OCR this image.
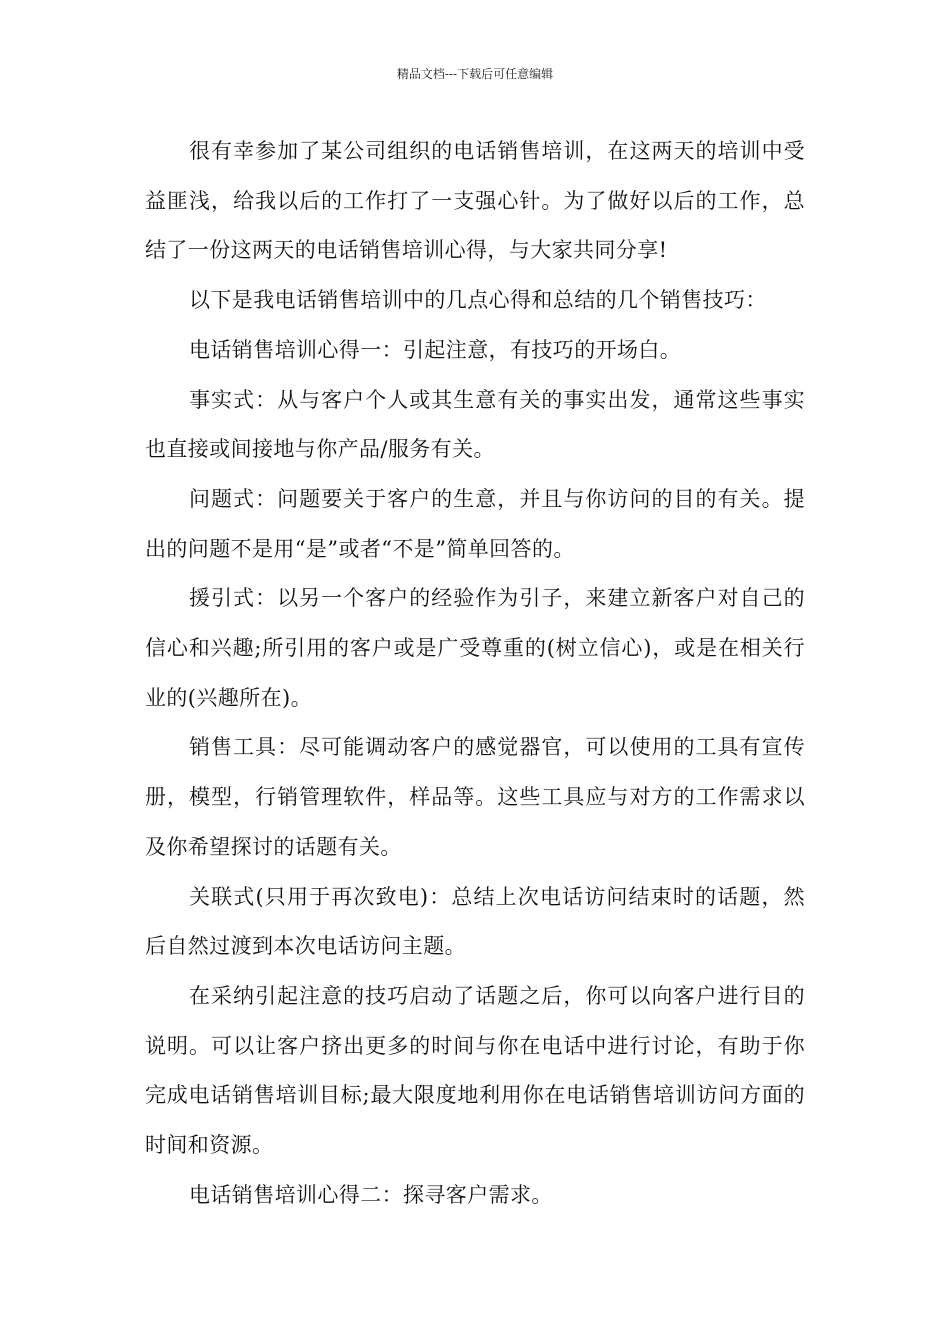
精品文档---下载后可任意编辑

很有幸参加了某公司组织的电话销售培训，在这两天的培训中受益匪浅，给我以后的工作打了一支强心针。为了做好以后的工作，总结了一份这两天的电话销售培训心得，与大家共同分享!

以下是我电话销售培训中的几点心得和总结的几个销售技巧：

电话销售培训心得一：引起注意，有技巧的开场白。

事实式：从与客户个人或其生意有关的事实出发，通常这些事实也直接或间接地与你产品/服务有关。

问题式：问题要关于客户的生意，并且与你访问的目的有关。提出的问题不是用“是”或者“不是”简单回答的。

援引式：以另一个客户的经验作为引子，来建立新客户对自己的信心和兴趣;所引用的客户或是广受尊重的(树立信心)，或是在相关行业的(兴趣所在)。

销售工具：尽可能调动客户的感觉器官，可以使用的工具有宣传册，模型，行销管理软件，样品等。这些工具应与对方的工作需求以及你希望探讨的话题有关。

关联式(只用于再次致电)：总结上次电话访问结束时的话题，然后自然过渡到本次电话访问主题。

在采纳引起注意的技巧启动了话题之后，你可以向客户进行目的说明。可以让客户挤出更多的时间与你在电话中进行讨论，有助于你完成电话销售培训目标;最大限度地利用你在电话销售培训访问方面的时间和资源。

电话销售培训心得二：探寻客户需求。
